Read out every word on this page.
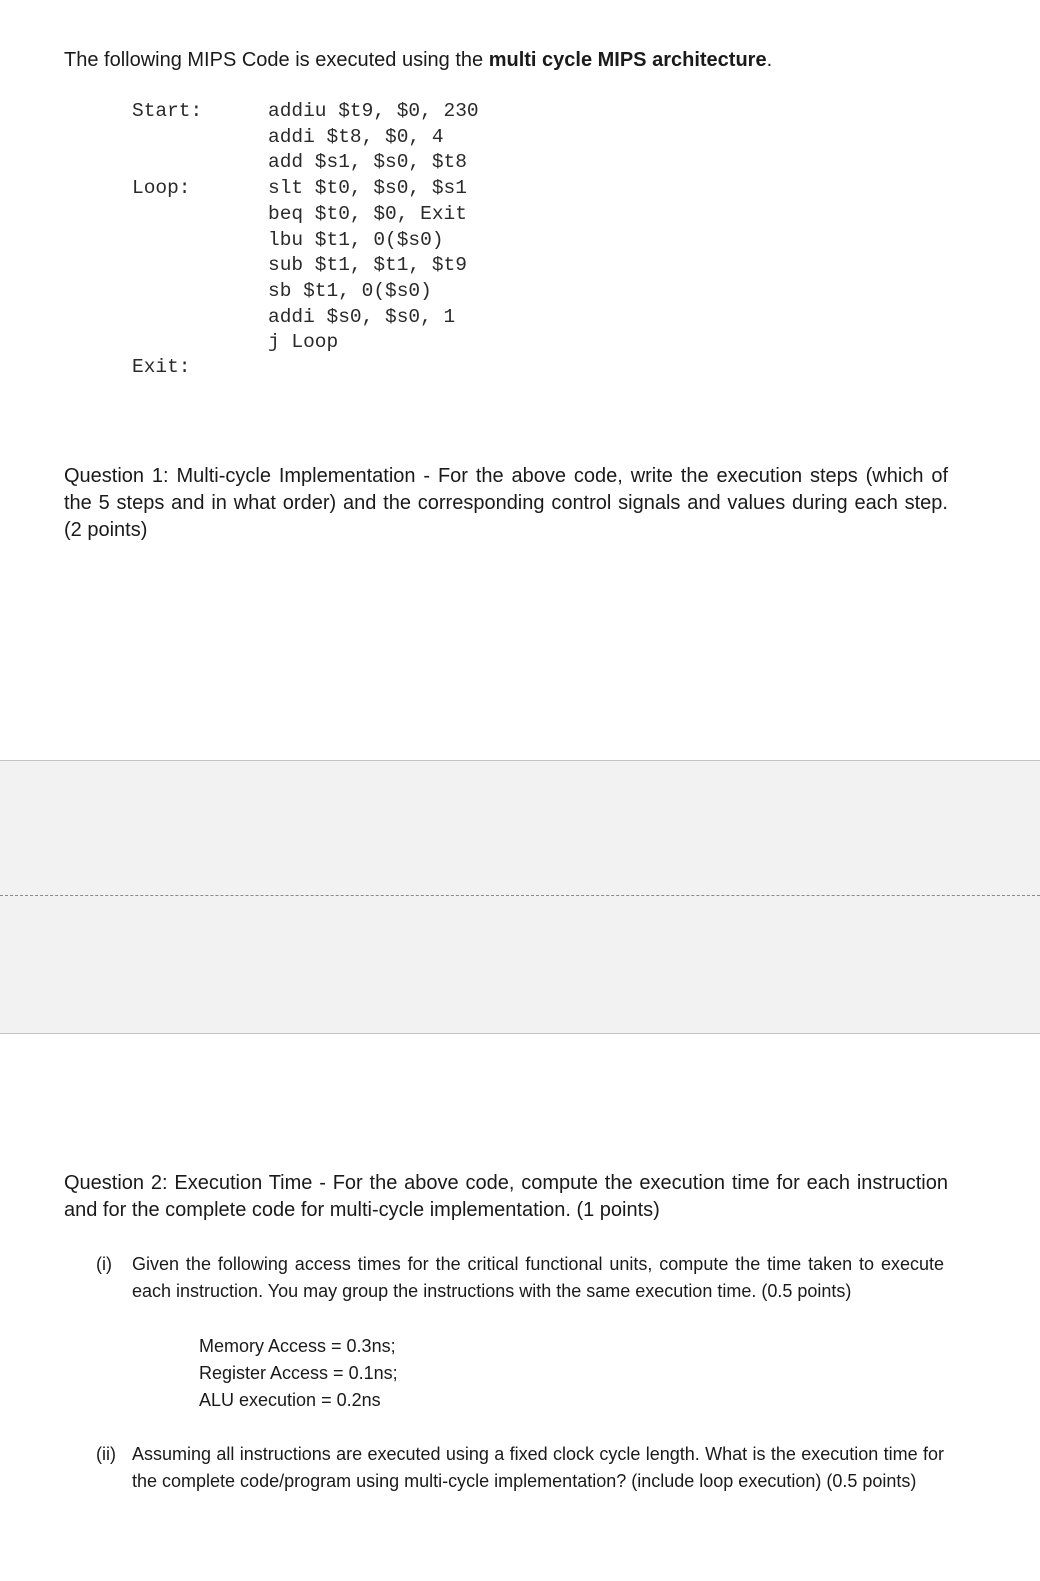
The following MIPS Code is executed using the multi cycle MIPS architecture.
Start:
Loop:
Exit:
addiu $t9, $0, 230
addi $t8, $0, 4
add $s1, $s0, $t8
slt $t0, $s0, $s1
beq $t0, $0, Exit
lbu $t1, 0($s0)
sub $t1, $t1, $t9
sb $t1, 0($s0)
addi $s0, $s0, 1
j Loop
Question 1: Multi-cycle Implementation - For the above code, write the execution steps (which of the 5 steps and in what order) and the corresponding control signals and values during each step. (2 points)
Question 2: Execution Time - For the above code, compute the execution time for each instruction and for the complete code for multi-cycle implementation. (1 points)
(i) Given the following access times for the critical functional units, compute the time taken to execute each instruction. You may group the instructions with the same execution time. (0.5 points)
Memory Access = 0.3ns;
Register Access = 0.1ns;
ALU execution = 0.2ns
(ii) Assuming all instructions are executed using a fixed clock cycle length. What is the execution time for the complete code/program using multi-cycle implementation? (include loop execution) (0.5 points)
